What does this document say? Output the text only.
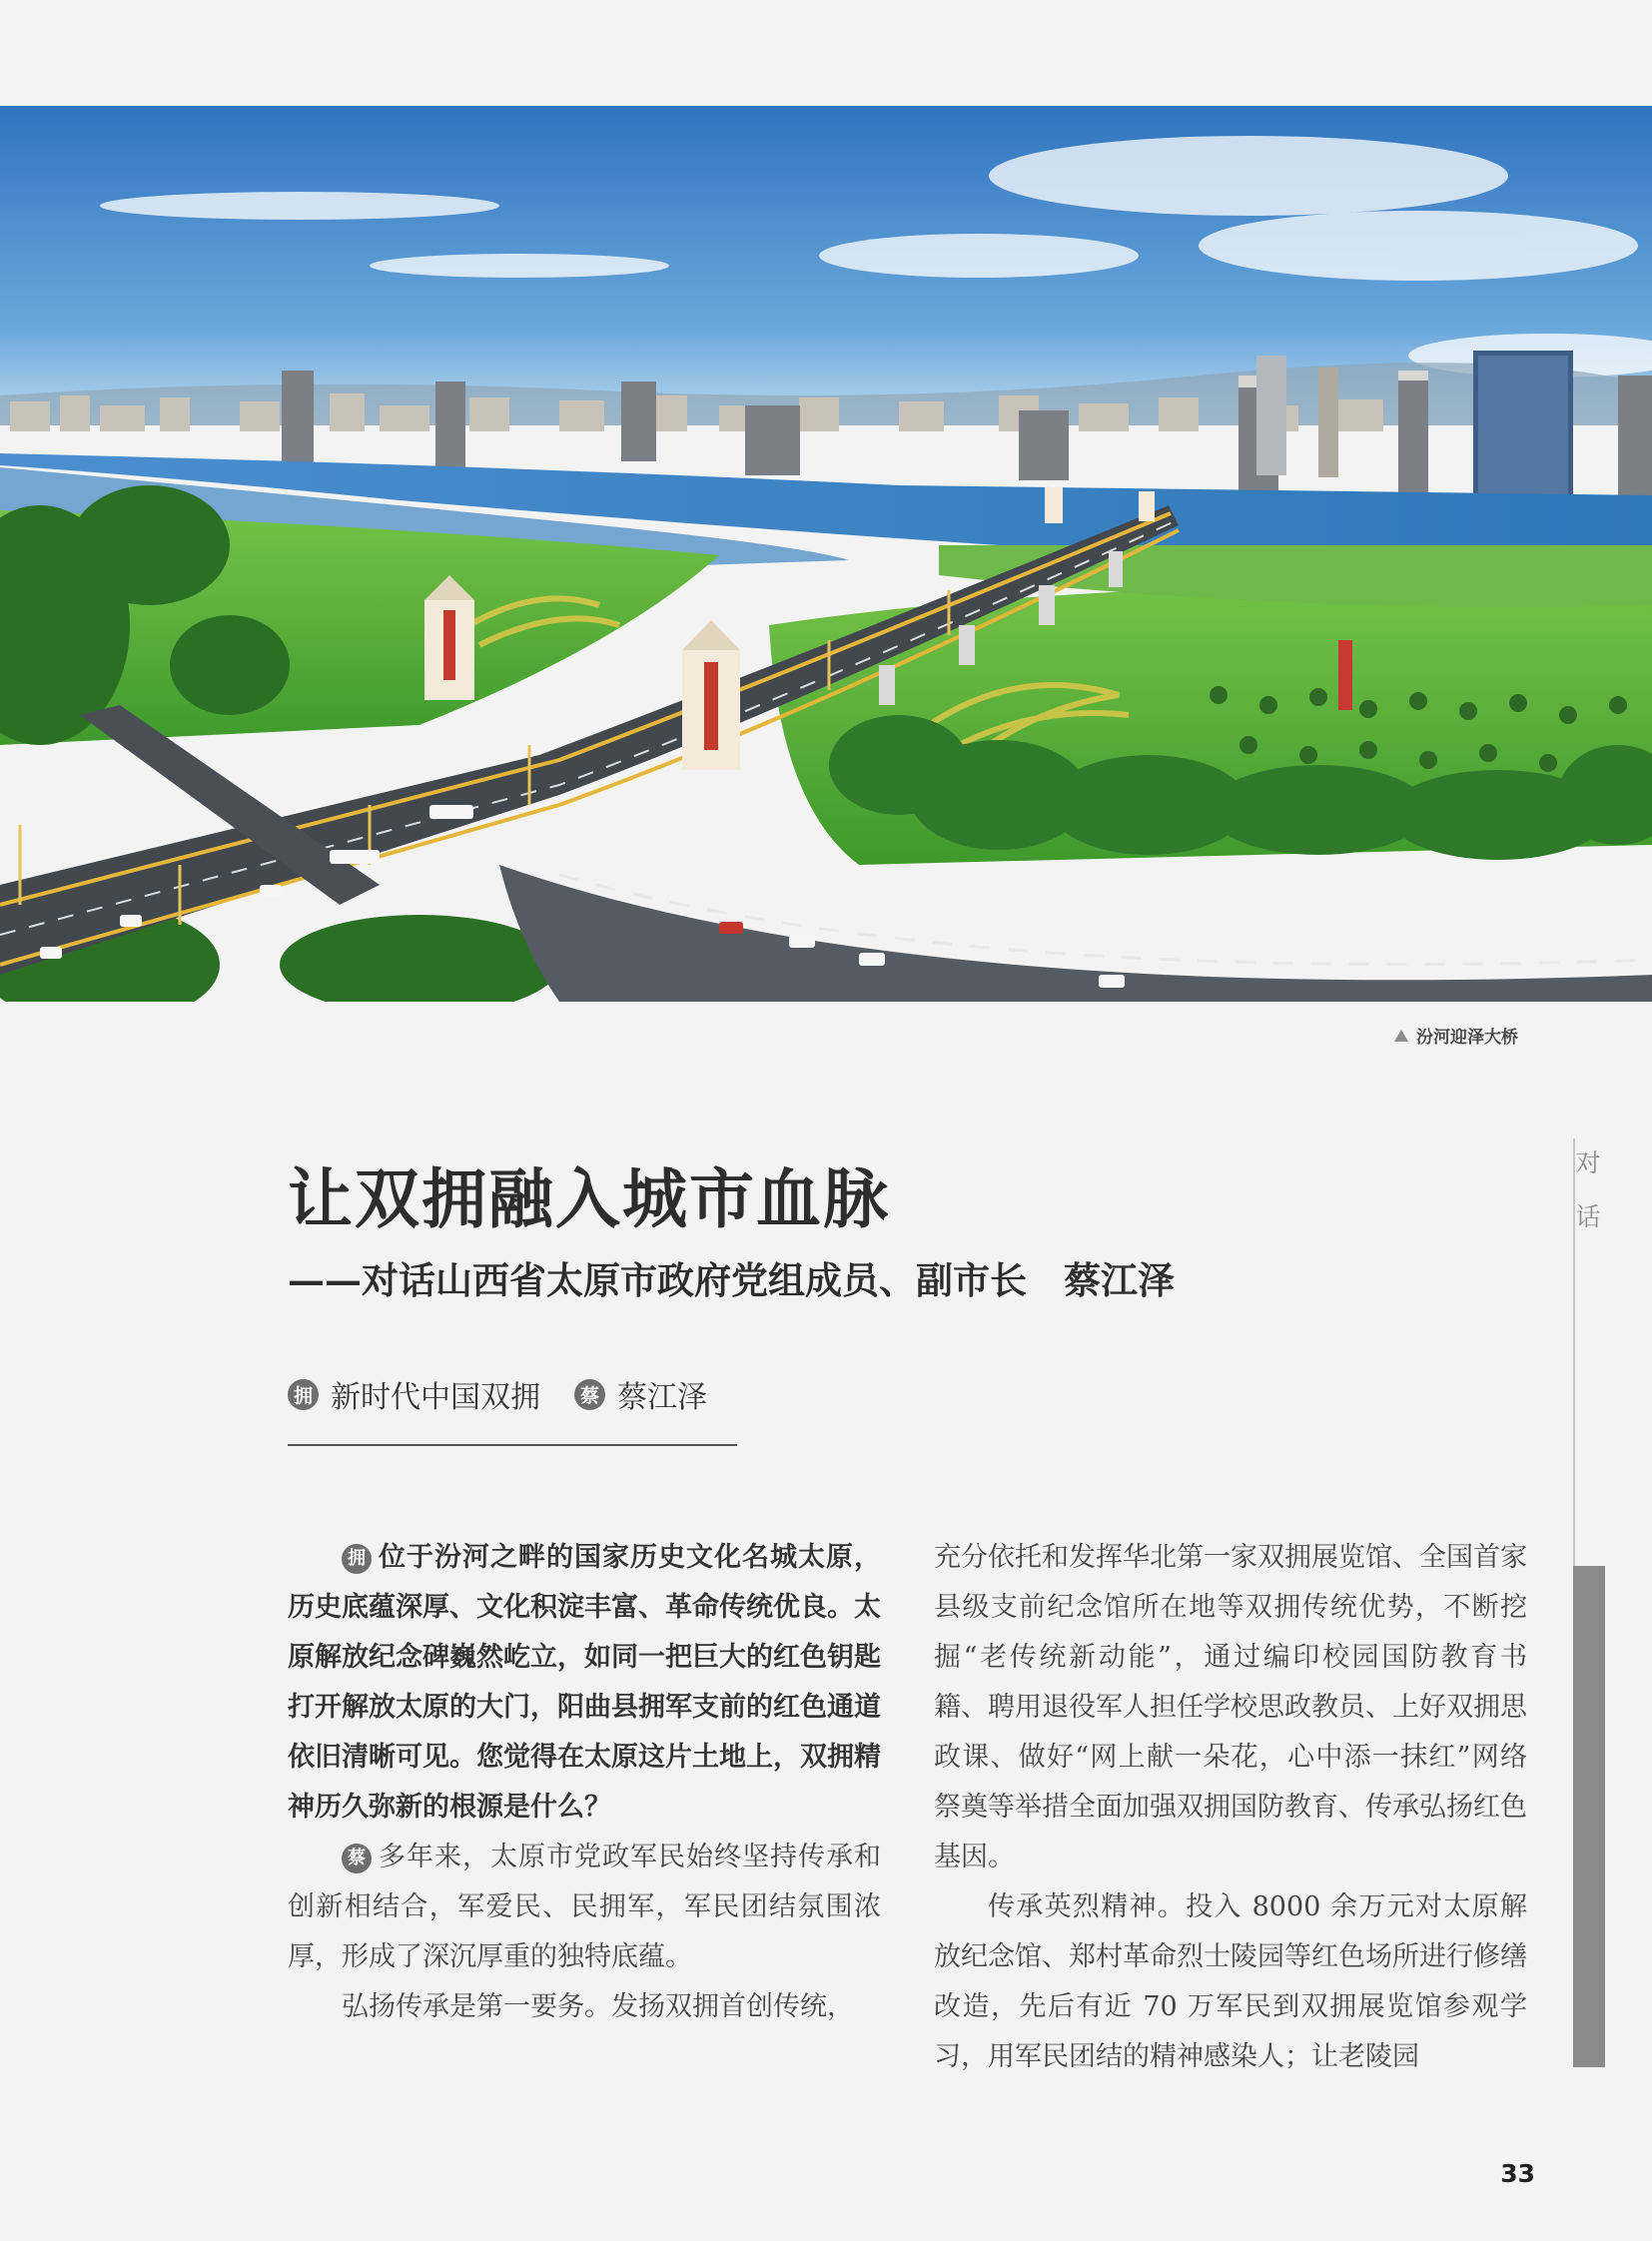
汾河迎泽大桥
对
话
让双拥融入城市血脉
——对话山西省太原市政府党组成员、副市长　蔡江泽
拥 新时代中国双拥	蔡 蔡江泽

拥 位于汾河之畔的国家历史文化名城太原，历史底蕴深厚、文化积淀丰富、革命传统优良。太原解放纪念碑巍然屹立，如同一把巨大的红色钥匙打开解放太原的大门，阳曲县拥军支前的红色通道依旧清晰可见。您觉得在太原这片土地上，双拥精神历久弥新的根源是什么？

蔡 多年来，太原市党政军民始终坚持传承和创新相结合，军爱民、民拥军，军民团结氛围浓厚，形成了深沉厚重的独特底蕴。

弘扬传承是第一要务。发扬双拥首创传统，

充分依托和发挥华北第一家双拥展览馆、全国首家县级支前纪念馆所在地等双拥传统优势，不断挖掘“老传统新动能”，通过编印校园国防教育书籍、聘用退役军人担任学校思政教员、上好双拥思政课、做好“网上献一朵花，心中添一抹红”网络祭奠等举措全面加强双拥国防教育、传承弘扬红色基因。

传承英烈精神。投入 8000 余万元对太原解放纪念馆、郑村革命烈士陵园等红色场所进行修缮改造，先后有近 70 万军民到双拥展览馆参观学习，用军民团结的精神感染人；让老陵园

33
